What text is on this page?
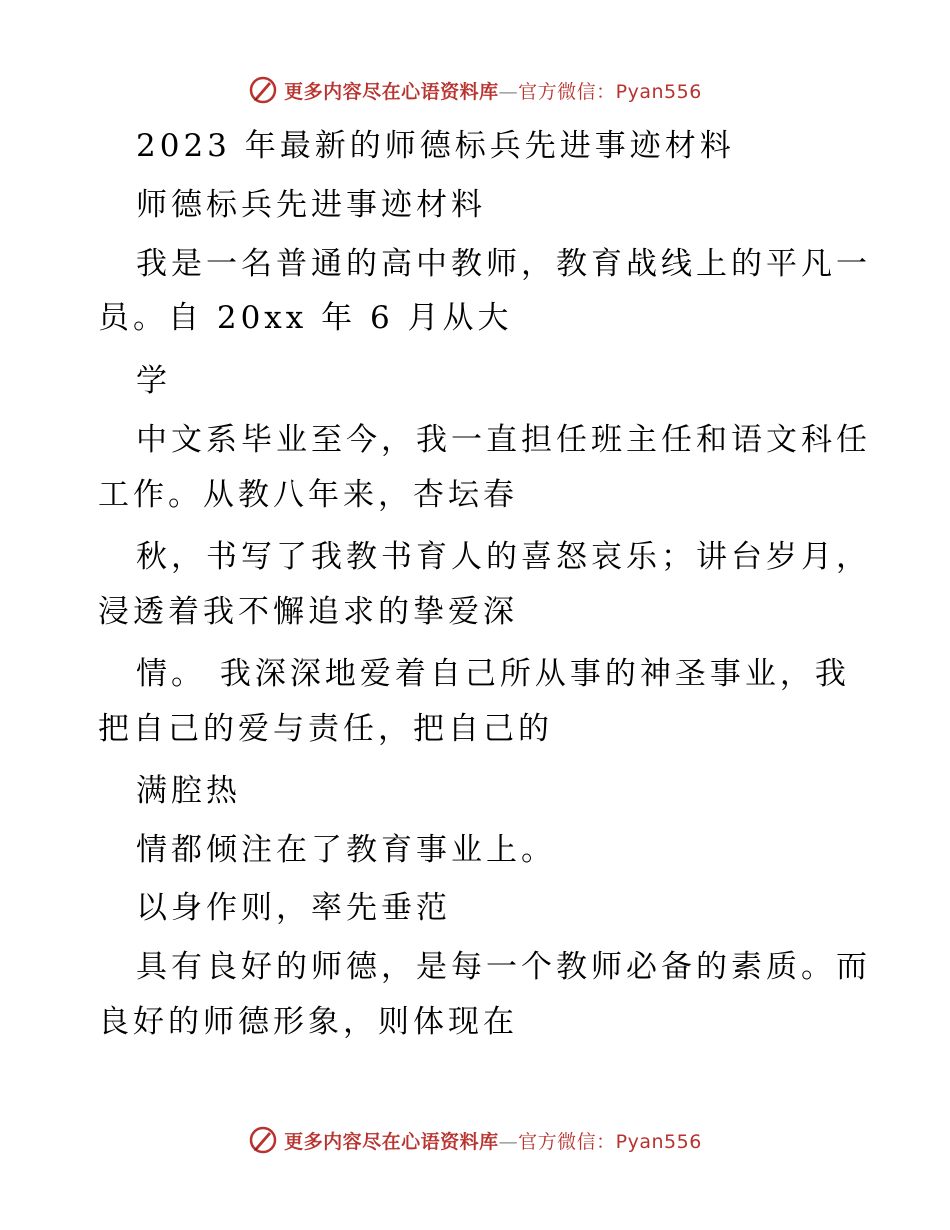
更多内容尽在心语资料库—官方微信：Pyan556
2023 年最新的师德标兵先进事迹材料
师德标兵先进事迹材料
我是一名普通的高中教师，教育战线上的平凡一
员。自 20xx 年 6 月从大
学
中文系毕业至今，我一直担任班主任和语文科任
工作。从教八年来，杏坛春
秋，书写了我教书育人的喜怒哀乐；讲台岁月，
浸透着我不懈追求的挚爱深
情。 我深深地爱着自己所从事的神圣事业，我
把自己的爱与责任，把自己的
满腔热
情都倾注在了教育事业上。
以身作则，率先垂范
具有良好的师德，是每一个教师必备的素质。而
良好的师德形象，则体现在
更多内容尽在心语资料库—官方微信：Pyan556
